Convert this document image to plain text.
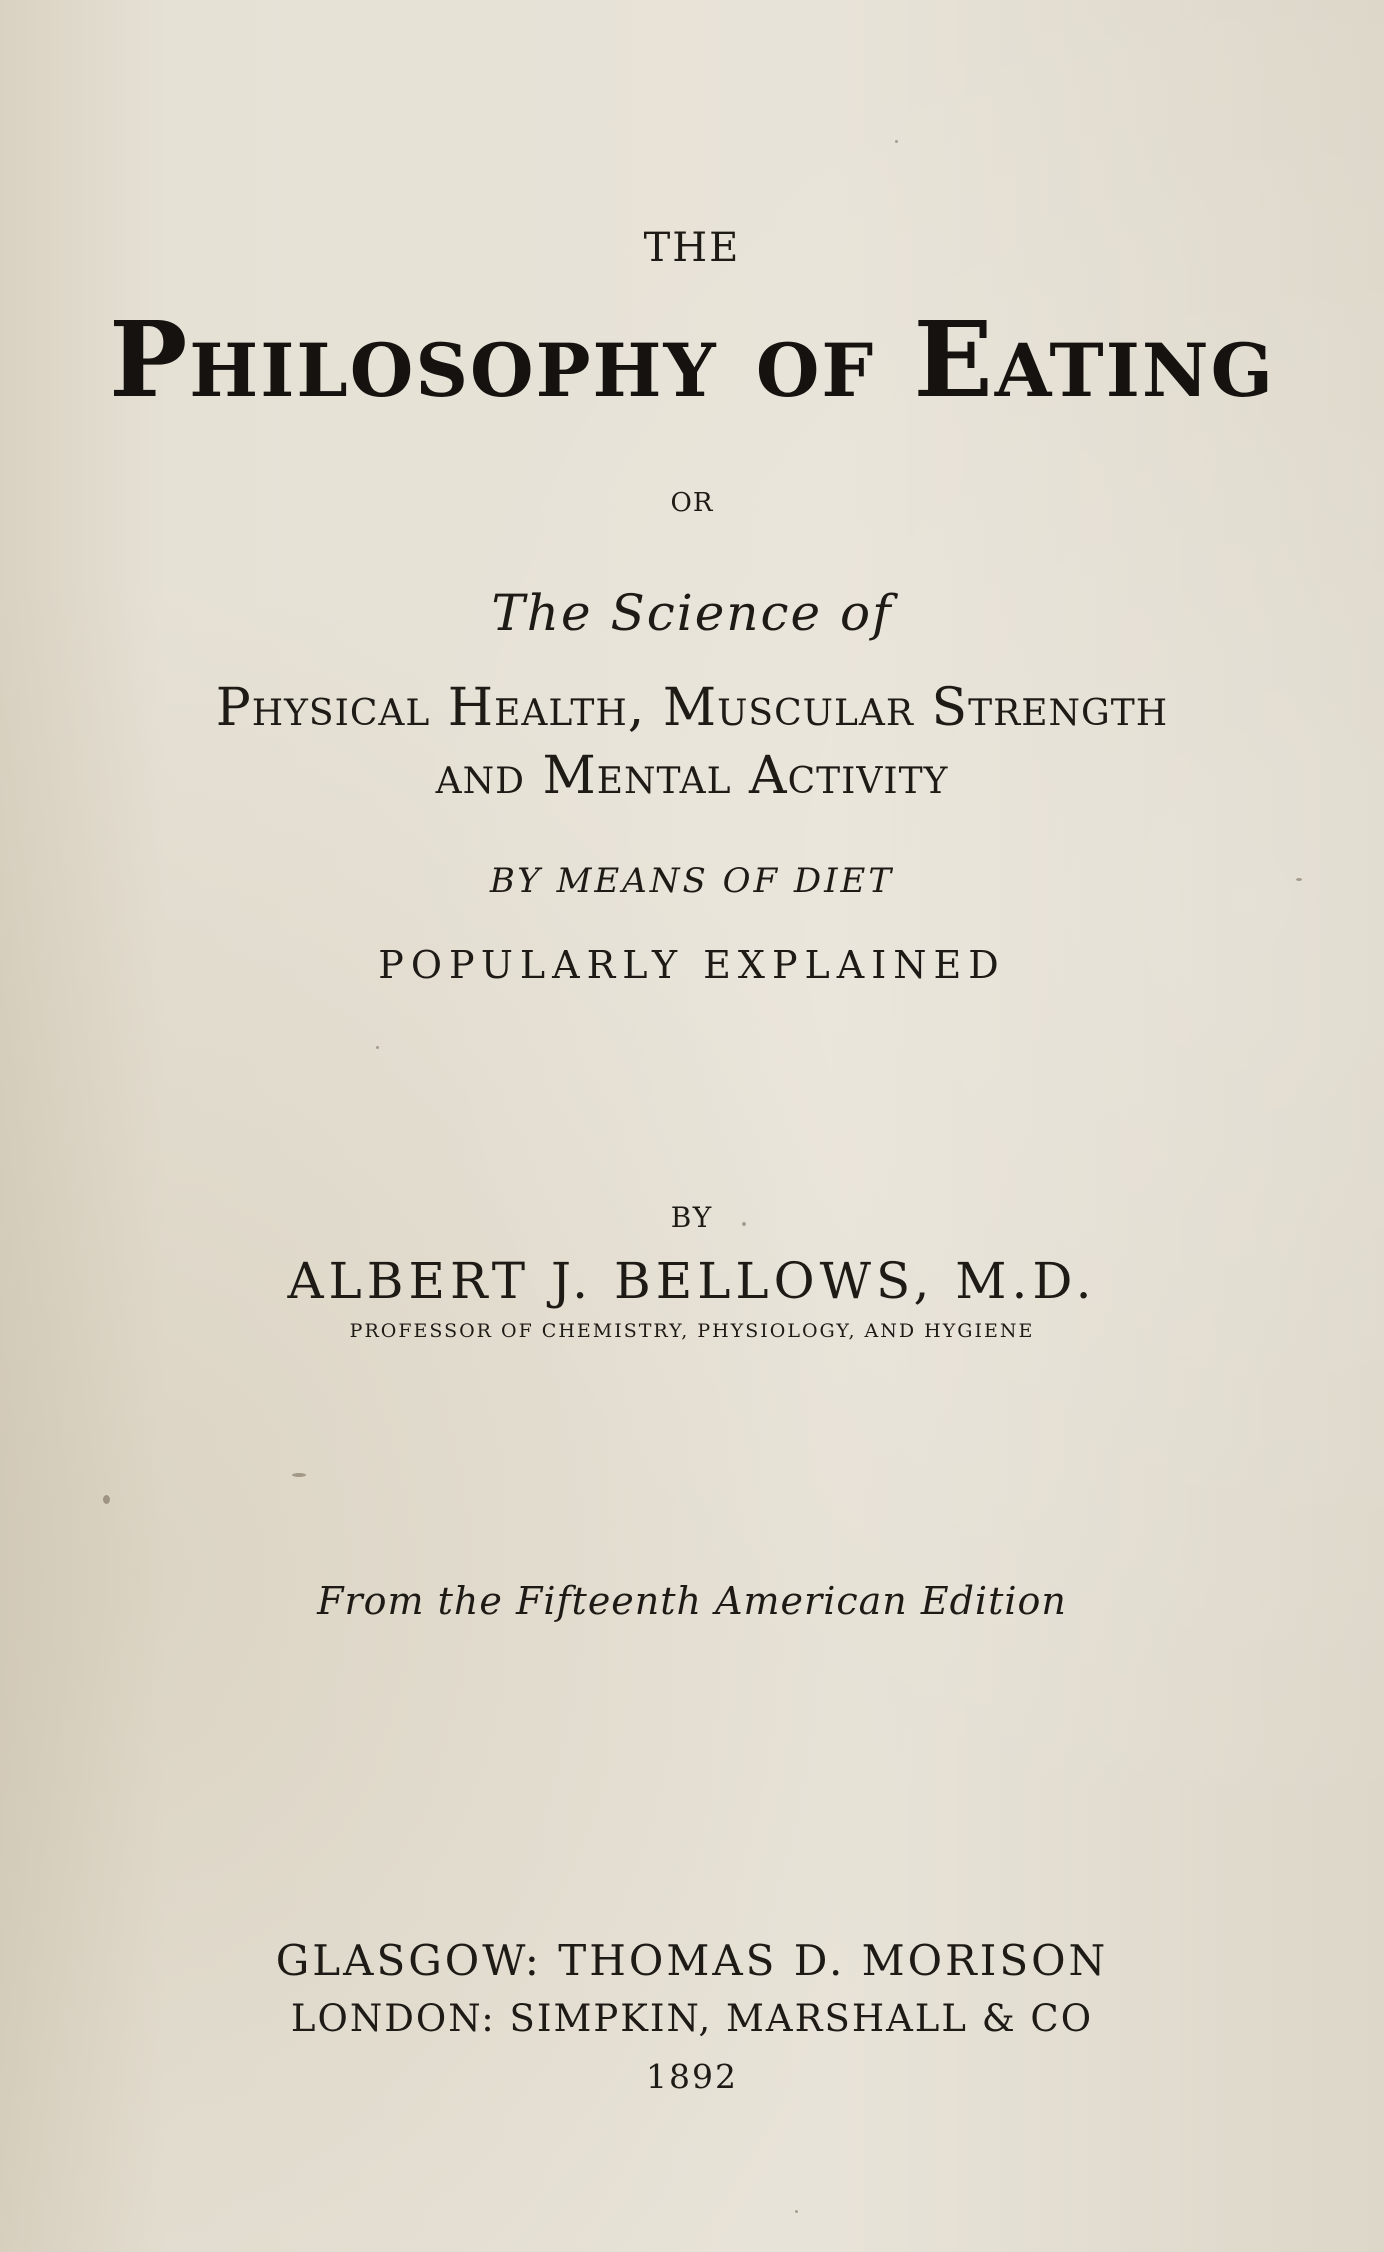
THE
Philosophy of Eating
OR
The Science of
Physical Health, Muscular Strength
and Mental Activity
BY MEANS OF DIET
POPULARLY EXPLAINED
BY
ALBERT J. BELLOWS, M.D.
PROFESSOR OF CHEMISTRY, PHYSIOLOGY, AND HYGIENE
From the Fifteenth American Edition
GLASGOW: THOMAS D. MORISON
LONDON: SIMPKIN, MARSHALL & CO
1892
